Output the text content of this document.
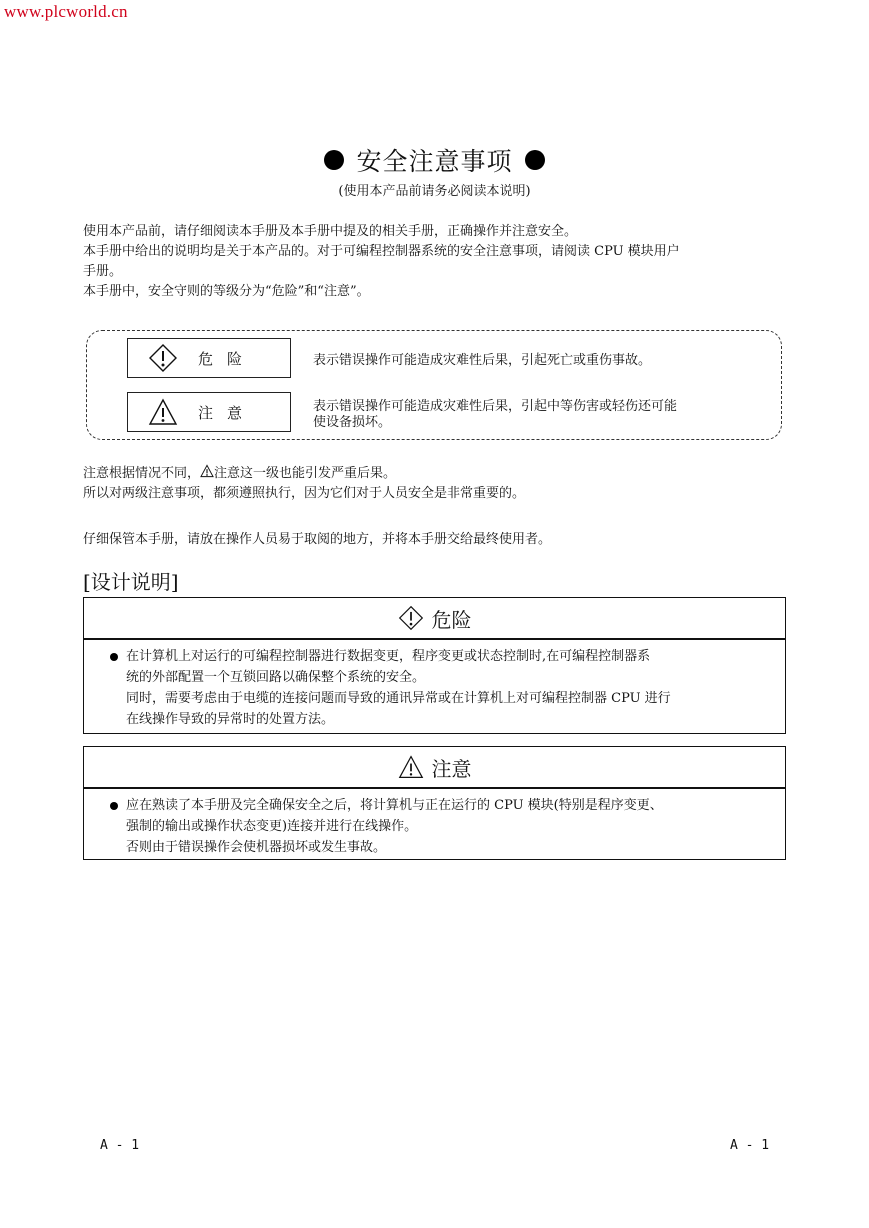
www.plcworld.cn
安全注意事项
(使用本产品前请务必阅读本说明)
使用本产品前，请仔细阅读本手册及本手册中提及的相关手册，正确操作并注意安全。
本手册中给出的说明均是关于本产品的。对于可编程控制器系统的安全注意事项，请阅读 CPU 模块用户
手册。
本手册中，安全守则的等级分为“危险”和“注意”。
危险	表示错误操作可能造成灾难性后果，引起死亡或重伤事故。
注意	表示错误操作可能造成灾难性后果，引起中等伤害或轻伤还可能
使设备损坏。
注意根据情况不同， 注意这一级也能引发严重后果。
所以对两级注意事项，都须遵照执行，因为它们对于人员安全是非常重要的。
仔细保管本手册，请放在操作人员易于取阅的地方，并将本手册交给最终使用者。
[设计说明]
危险
在计算机上对运行的可编程控制器进行数据变更，程序变更或状态控制时,在可编程控制器系
统的外部配置一个互锁回路以确保整个系统的安全。
同时，需要考虑由于电缆的连接问题而导致的通讯异常或在计算机上对可编程控制器 CPU 进行
在线操作导致的异常时的处置方法。
注意
应在熟读了本手册及完全确保安全之后，将计算机与正在运行的 CPU 模块(特别是程序变更、
强制的输出或操作状态变更)连接并进行在线操作。
否则由于错误操作会使机器损坏或发生事故。
A - 1	A - 1
